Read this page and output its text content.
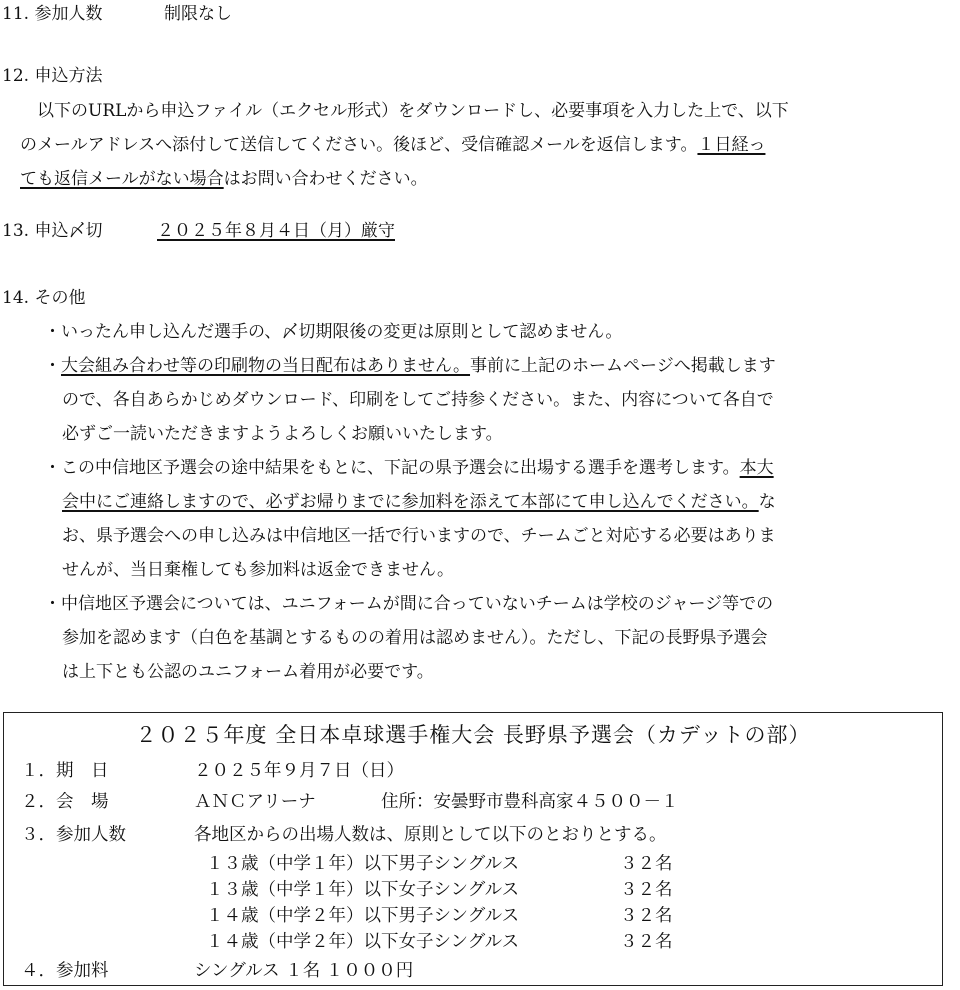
11. 参加人数	制限なし
12. 申込方法
以下のURLから申込ファイル（エクセル形式）をダウンロードし、必要事項を入力した上で、以下
のメールアドレスへ添付して送信してください。後ほど、受信確認メールを返信します。１日経っ
ても返信メールがない場合はお問い合わせください。
13. 申込〆切	２０２５年８月４日（月）厳守
14. その他
・いったん申し込んだ選手の、〆切期限後の変更は原則として認めません。
・大会組み合わせ等の印刷物の当日配布はありません。事前に上記のホームページへ掲載します
ので、各自あらかじめダウンロード、印刷をしてご持参ください。また、内容について各自で
必ずご一読いただきますようよろしくお願いいたします。
・この中信地区予選会の途中結果をもとに、下記の県予選会に出場する選手を選考します。本大
会中にご連絡しますので、必ずお帰りまでに参加料を添えて本部にて申し込んでください。な
お、県予選会への申し込みは中信地区一括で行いますので、チームごと対応する必要はありま
せんが、当日棄権しても参加料は返金できません。
・中信地区予選会については、ユニフォームが間に合っていないチームは学校のジャージ等での
参加を認めます（白色を基調とするものの着用は認めません）。ただし、下記の長野県予選会
は上下とも公認のユニフォーム着用が必要です。
２０２５年度 全日本卓球選手権大会 長野県予選会（カデットの部）
１．期　日	２０２５年９月７日（日）
２．会　場	ＡＮＣアリーナ	住所：安曇野市豊科高家４５００－１
３．参加人数	各地区からの出場人数は、原則として以下のとおりとする。
１３歳（中学１年）以下男子シングルス	３２名
１３歳（中学１年）以下女子シングルス	３２名
１４歳（中学２年）以下男子シングルス	３２名
１４歳（中学２年）以下女子シングルス	３２名
４．参加料	シングルス １名 １０００円
